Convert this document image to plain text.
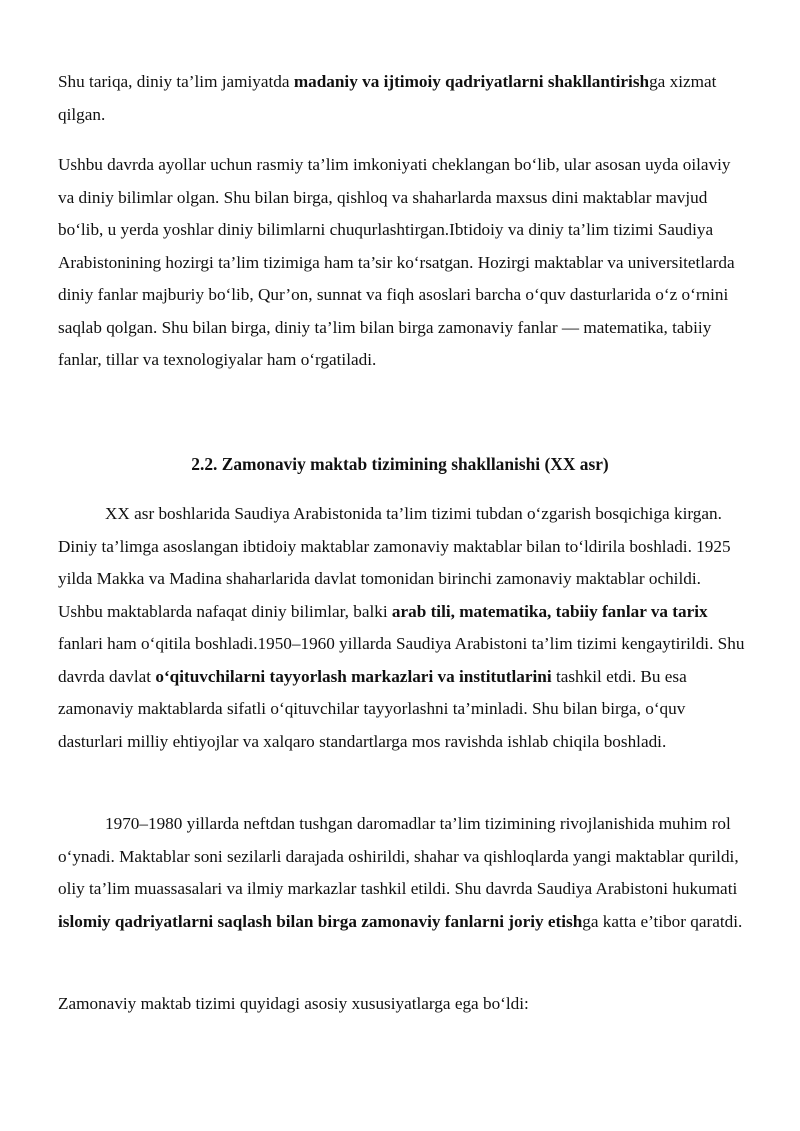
Shu tariqa, diniy ta’lim jamiyatda madaniy va ijtimoiy qadriyatlarni shakllantirishga xizmat qilgan.

Ushbu davrda ayollar uchun rasmiy ta’lim imkoniyati cheklangan bo‘lib, ular asosan uyda oilaviy va diniy bilimlar olgan. Shu bilan birga, qishloq va shaharlarda maxsus dini maktablar mavjud bo‘lib, u yerda yoshlar diniy bilimlarni chuqurlashtirgan.Ibtidoiy va diniy ta’lim tizimi Saudiya Arabistonining hozirgi ta’lim tizimiga ham ta’sir ko‘rsatgan. Hozirgi maktablar va universitetlarda diniy fanlar majburiy bo‘lib, Qur’on, sunnat va fiqh asoslari barcha o‘quv dasturlarida o‘z o‘rnini saqlab qolgan. Shu bilan birga, diniy ta’lim bilan birga zamonaviy fanlar — matematika, tabiiy fanlar, tillar va texnologiyalar ham o‘rgatiladi.

2.2. Zamonaviy maktab tizimining shakllanishi (XX asr)

XX asr boshlarida Saudiya Arabistonida ta’lim tizimi tubdan o‘zgarish bosqichiga kirgan. Diniy ta’limga asoslangan ibtidoiy maktablar zamonaviy maktablar bilan to‘ldirila boshladi. 1925 yilda Makka va Madina shaharlarida davlat tomonidan birinchi zamonaviy maktablar ochildi. Ushbu maktablarda nafaqat diniy bilimlar, balki arab tili, matematika, tabiiy fanlar va tarix fanlari ham o‘qitila boshladi.1950–1960 yillarda Saudiya Arabistoni ta’lim tizimi kengaytirildi. Shu davrda davlat o‘qituvchilarni tayyorlash markazlari va institutlarini tashkil etdi. Bu esa zamonaviy maktablarda sifatli o‘qituvchilar tayyorlashni ta’minladi. Shu bilan birga, o‘quv dasturlari milliy ehtiyojlar va xalqaro standartlarga mos ravishda ishlab chiqila boshladi.

1970–1980 yillarda neftdan tushgan daromadlar ta’lim tizimining rivojlanishida muhim rol o‘ynadi. Maktablar soni sezilarli darajada oshirildi, shahar va qishloqlarda yangi maktablar qurildi, oliy ta’lim muassasalari va ilmiy markazlar tashkil etildi. Shu davrda Saudiya Arabistoni hukumati islomiy qadriyatlarni saqlash bilan birga zamonaviy fanlarni joriy etishga katta e’tibor qaratdi.

Zamonaviy maktab tizimi quyidagi asosiy xususiyatlarga ega bo‘ldi:
